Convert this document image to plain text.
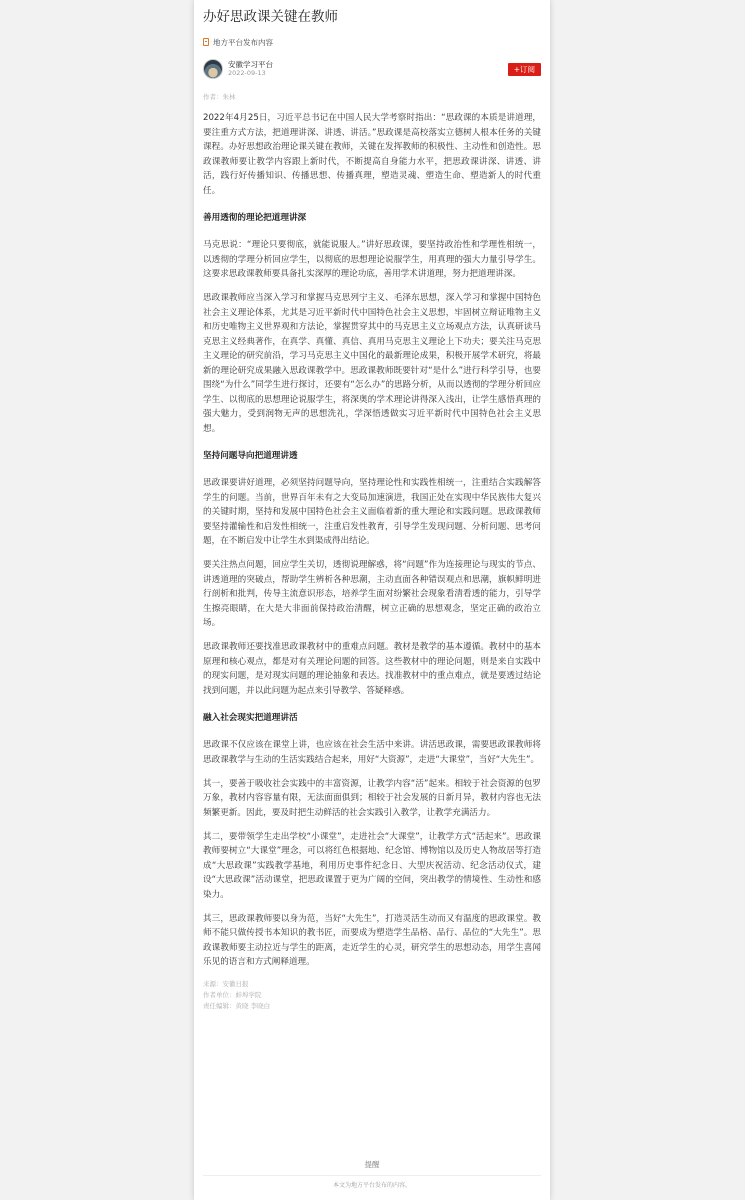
办好思政课关键在教师
地方平台发布内容
安徽学习平台
2022-09-13	+订阅
作者：朱林

2022年4月25日，习近平总书记在中国人民大学考察时指出：“思政课的本质是讲道理，要注重方式方法，把道理讲深、讲透、讲活。”思政课是高校落实立德树人根本任务的关键课程。办好思想政治理论课关键在教师，关键在发挥教师的积极性、主动性和创造性。思政课教师要让教学内容跟上新时代，不断提高自身能力水平，把思政课讲深、讲透、讲活，践行好传播知识、传播思想、传播真理，塑造灵魂、塑造生命、塑造新人的时代重任。

善用透彻的理论把道理讲深

马克思说：“理论只要彻底，就能说服人。”讲好思政课，要坚持政治性和学理性相统一，以透彻的学理分析回应学生，以彻底的思想理论说服学生，用真理的强大力量引导学生。这要求思政课教师要具备扎实深厚的理论功底，善用学术讲道理，努力把道理讲深。

思政课教师应当深入学习和掌握马克思列宁主义、毛泽东思想，深入学习和掌握中国特色社会主义理论体系，尤其是习近平新时代中国特色社会主义思想，牢固树立辩证唯物主义和历史唯物主义世界观和方法论，掌握贯穿其中的马克思主义立场观点方法，认真研读马克思主义经典著作，在真学、真懂、真信、真用马克思主义理论上下功夫；要关注马克思主义理论的研究前沿，学习马克思主义中国化的最新理论成果，积极开展学术研究，将最新的理论研究成果融入思政课教学中。思政课教师既要针对“是什么”进行科学引导，也要围绕“为什么”同学生进行探讨，还要有“怎么办”的思路分析，从而以透彻的学理分析回应学生、以彻底的思想理论说服学生，将深奥的学术理论讲得深入浅出，让学生感悟真理的强大魅力，受到润物无声的思想洗礼，学深悟透做实习近平新时代中国特色社会主义思想。

坚持问题导向把道理讲透

思政课要讲好道理，必须坚持问题导向，坚持理论性和实践性相统一，注重结合实践解答学生的问题。当前，世界百年未有之大变局加速演进，我国正处在实现中华民族伟大复兴的关键时期，坚持和发展中国特色社会主义面临着新的重大理论和实践问题。思政课教师要坚持灌输性和启发性相统一，注重启发性教育，引导学生发现问题、分析问题、思考问题，在不断启发中让学生水到渠成得出结论。

要关注热点问题，回应学生关切，透彻说理解惑，将“问题”作为连接理论与现实的节点、讲透道理的突破点，帮助学生辨析各种思潮，主动直面各种错误观点和思潮，旗帜鲜明进行剖析和批判，传导主流意识形态，培养学生面对纷繁社会现象看清看透的能力，引导学生擦亮眼睛，在大是大非面前保持政治清醒，树立正确的思想观念，坚定正确的政治立场。

思政课教师还要找准思政课教材中的重难点问题。教材是教学的基本遵循。教材中的基本原理和核心观点，都是对有关理论问题的回答。这些教材中的理论问题，则是来自实践中的现实问题，是对现实问题的理论抽象和表达。找准教材中的重点难点，就是要透过结论找到问题，并以此问题为起点来引导教学、答疑释惑。

融入社会现实把道理讲活

思政课不仅应该在课堂上讲，也应该在社会生活中来讲。讲活思政课，需要思政课教师将思政课教学与生动的生活实践结合起来，用好“大资源”，走进“大课堂”，当好“大先生”。

其一，要善于吸收社会实践中的丰富资源，让教学内容“活”起来。相较于社会资源的包罗万象，教材内容容量有限，无法面面俱到；相较于社会发展的日新月异，教材内容也无法频繁更新。因此，要及时把生动鲜活的社会实践引入教学，让教学充满活力。

其二，要带领学生走出学校“小课堂”，走进社会“大课堂”，让教学方式“活起来”。思政课教师要树立“大课堂”理念，可以将红色根据地、纪念馆、博物馆以及历史人物故居等打造成“大思政课”实践教学基地，利用历史事件纪念日、大型庆祝活动、纪念活动仪式，建设“大思政课”活动课堂，把思政课置于更为广阔的空间，突出教学的情境性、生动性和感染力。

其三，思政课教师要以身为范，当好“大先生”，打造灵活生动而又有温度的思政课堂。教师不能只做传授书本知识的教书匠，而要成为塑造学生品格、品行、品位的“大先生”。思政课教师要主动拉近与学生的距离，走近学生的心灵，研究学生的思想动态，用学生喜闻乐见的语言和方式阐释道理。

来源：安徽日报
作者单位：蚌埠学院
责任编辑：黄晓 李晓白
提醒
本文为地方平台发布的内容。
